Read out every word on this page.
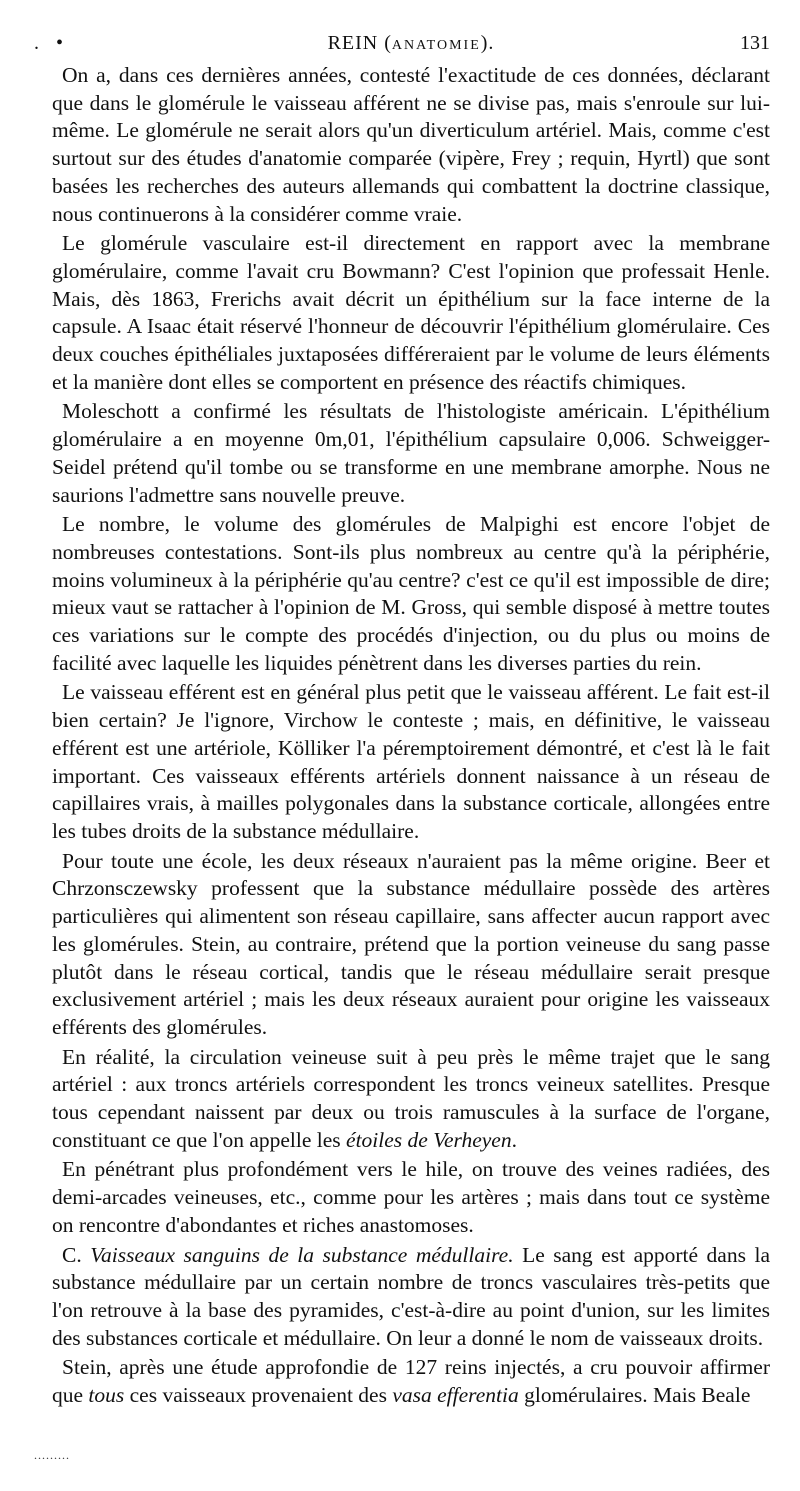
. •	REIN (ANATOMIE).	131

On a, dans ces dernières années, contesté l'exactitude de ces données, déclarant que dans le glomérule le vaisseau afférent ne se divise pas, mais s'enroule sur lui-même. Le glomérule ne serait alors qu'un diverticulum artériel. Mais, comme c'est surtout sur des études d'anatomie comparée (vipère, Frey ; requin, Hyrtl) que sont basées les recherches des auteurs allemands qui combattent la doctrine classique, nous continuerons à la considérer comme vraie.

Le glomérule vasculaire est-il directement en rapport avec la membrane glomérulaire, comme l'avait cru Bowmann? C'est l'opinion que professait Henle. Mais, dès 1863, Frerichs avait décrit un épithélium sur la face interne de la capsule. A Isaac était réservé l'honneur de découvrir l'épithélium glomérulaire. Ces deux couches épithéliales juxtaposées différeraient par le volume de leurs éléments et la manière dont elles se comportent en présence des réactifs chimiques.

Moleschott a confirmé les résultats de l'histologiste américain. L'épithélium glomérulaire a en moyenne 0m,01, l'épithélium capsulaire 0,006. Schweigger-Seidel prétend qu'il tombe ou se transforme en une membrane amorphe. Nous ne saurions l'admettre sans nouvelle preuve.

Le nombre, le volume des glomérules de Malpighi est encore l'objet de nombreuses contestations. Sont-ils plus nombreux au centre qu'à la périphérie, moins volumineux à la périphérie qu'au centre? c'est ce qu'il est impossible de dire; mieux vaut se rattacher à l'opinion de M. Gross, qui semble disposé à mettre toutes ces variations sur le compte des procédés d'injection, ou du plus ou moins de facilité avec laquelle les liquides pénètrent dans les diverses parties du rein.

Le vaisseau efférent est en général plus petit que le vaisseau afférent. Le fait est-il bien certain? Je l'ignore, Virchow le conteste ; mais, en définitive, le vaisseau efférent est une artériole, Kölliker l'a péremptoirement démontré, et c'est là le fait important. Ces vaisseaux efférents artériels donnent naissance à un réseau de capillaires vrais, à mailles polygonales dans la substance corticale, allongées entre les tubes droits de la substance médullaire.

Pour toute une école, les deux réseaux n'auraient pas la même origine. Beer et Chrzonsczewsky professent que la substance médullaire possède des artères particulières qui alimentent son réseau capillaire, sans affecter aucun rapport avec les glomérules. Stein, au contraire, prétend que la portion veineuse du sang passe plutôt dans le réseau cortical, tandis que le réseau médullaire serait presque exclusivement artériel ; mais les deux réseaux auraient pour origine les vaisseaux efférents des glomérules.

En réalité, la circulation veineuse suit à peu près le même trajet que le sang artériel : aux troncs artériels correspondent les troncs veineux satellites. Presque tous cependant naissent par deux ou trois ramuscules à la surface de l'organe, constituant ce que l'on appelle les étoiles de Verheyen.

En pénétrant plus profondément vers le hile, on trouve des veines radiées, des demi-arcades veineuses, etc., comme pour les artères ; mais dans tout ce système on rencontre d'abondantes et riches anastomoses.

C. Vaisseaux sanguins de la substance médullaire. Le sang est apporté dans la substance médullaire par un certain nombre de troncs vasculaires très-petits que l'on retrouve à la base des pyramides, c'est-à-dire au point d'union, sur les limites des substances corticale et médullaire. On leur a donné le nom de vaisseaux droits.

Stein, après une étude approfondie de 127 reins injectés, a cru pouvoir affirmer que tous ces vaisseaux provenaient des vasa efferentia glomérulaires. Mais Beale

.........
